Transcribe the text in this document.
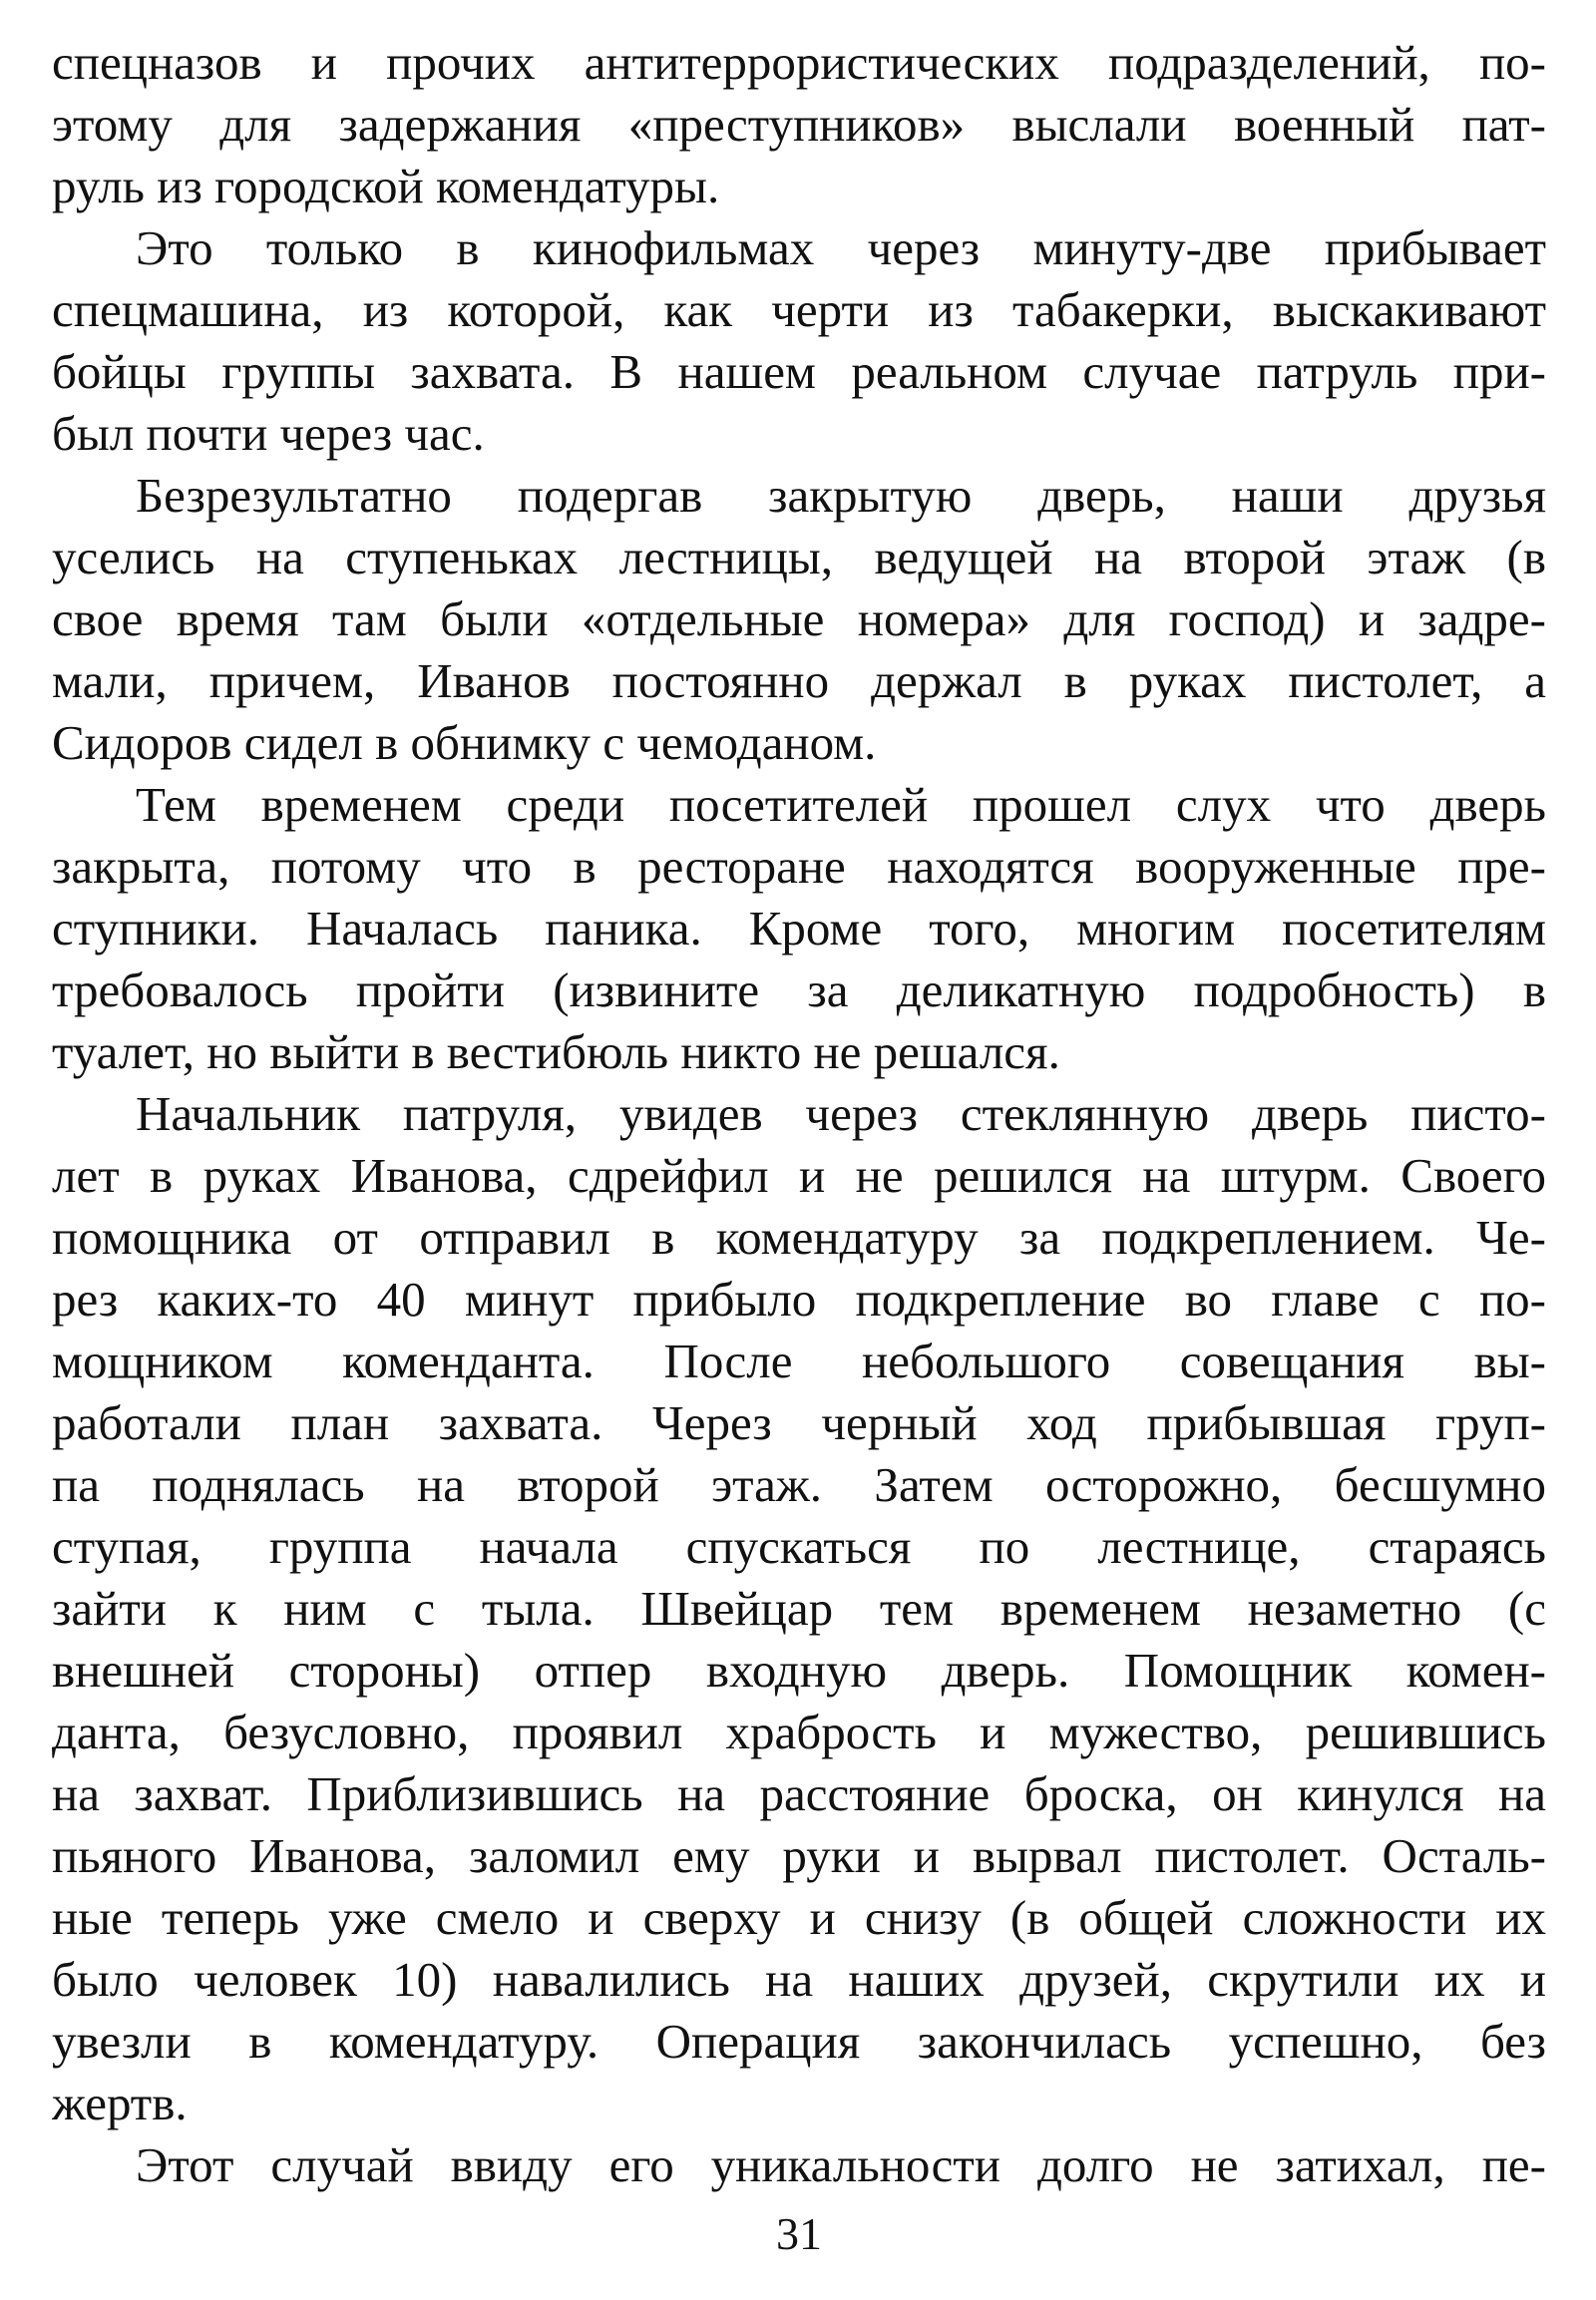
спецназов и прочих антитеррористических подразделений, по-
этому для задержания «преступников» выслали военный пат-
руль из городской комендатуры.
Это только в кинофильмах через минуту-две прибывает
спецмашина, из которой, как черти из табакерки, выскакивают
бойцы группы захвата. В нашем реальном случае патруль при-
был почти через час.
Безрезультатно подергав закрытую дверь, наши друзья
уселись на ступеньках лестницы, ведущей на второй этаж (в
свое время там были «отдельные номера» для господ) и задре-
мали, причем, Иванов постоянно держал в руках пистолет, а
Сидоров сидел в обнимку с чемоданом.
Тем временем среди посетителей прошел слух что дверь
закрыта, потому что в ресторане находятся вооруженные пре-
ступники. Началась паника. Кроме того, многим посетителям
требовалось пройти (извините за деликатную подробность) в
туалет, но выйти в вестибюль никто не решался.
Начальник патруля, увидев через стеклянную дверь писто-
лет в руках Иванова, сдрейфил и не решился на штурм. Своего
помощника от отправил в комендатуру за подкреплением. Че-
рез каких-то 40 минут прибыло подкрепление во главе с по-
мощником коменданта. После небольшого совещания вы-
работали план захвата. Через черный ход прибывшая груп-
па поднялась на второй этаж. Затем осторожно, бесшумно
ступая, группа начала спускаться по лестнице, стараясь
зайти к ним с тыла. Швейцар тем временем незаметно (с
внешней стороны) отпер входную дверь. Помощник комен-
данта, безусловно, проявил храбрость и мужество, решившись
на захват. Приблизившись на расстояние броска, он кинулся на
пьяного Иванова, заломил ему руки и вырвал пистолет. Осталь-
ные теперь уже смело и сверху и снизу (в общей сложности их
было человек 10) навалились на наших друзей, скрутили их и
увезли в комендатуру. Операция закончилась успешно, без
жертв.
Этот случай ввиду его уникальности долго не затихал, пе-
31
